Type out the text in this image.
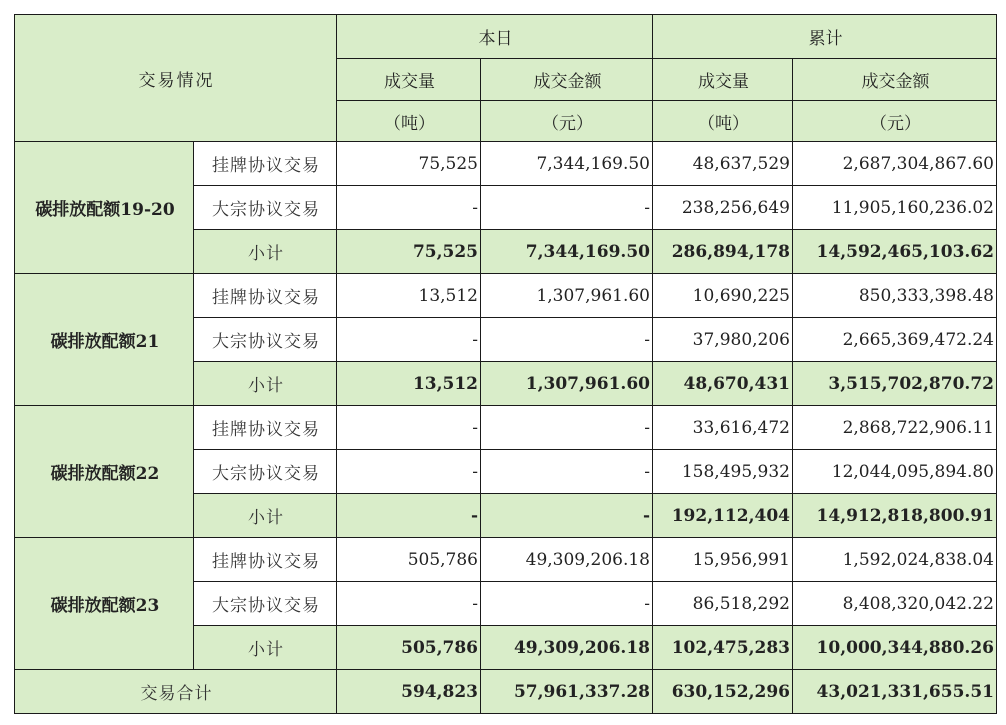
交易情况		本日		累计	
		成交量	成交金额	成交量	成交金额
		（吨）	（元）	（吨）	（元）
碳排放配额19-20	挂牌协议交易	75,525	7,344,169.50	48,637,529	2,687,304,867.60
	大宗协议交易	-	-	238,256,649	11,905,160,236.02
	小计	75,525	7,344,169.50	286,894,178	14,592,465,103.62
碳排放配额21	挂牌协议交易	13,512	1,307,961.60	10,690,225	850,333,398.48
	大宗协议交易	-	-	37,980,206	2,665,369,472.24
	小计	13,512	1,307,961.60	48,670,431	3,515,702,870.72
碳排放配额22	挂牌协议交易	-	-	33,616,472	2,868,722,906.11
	大宗协议交易	-	-	158,495,932	12,044,095,894.80
	小计	-	-	192,112,404	14,912,818,800.91
碳排放配额23	挂牌协议交易	505,786	49,309,206.18	15,956,991	1,592,024,838.04
	大宗协议交易	-	-	86,518,292	8,408,320,042.22
	小计	505,786	49,309,206.18	102,475,283	10,000,344,880.26
交易合计		594,823	57,961,337.28	630,152,296	43,021,331,655.51
